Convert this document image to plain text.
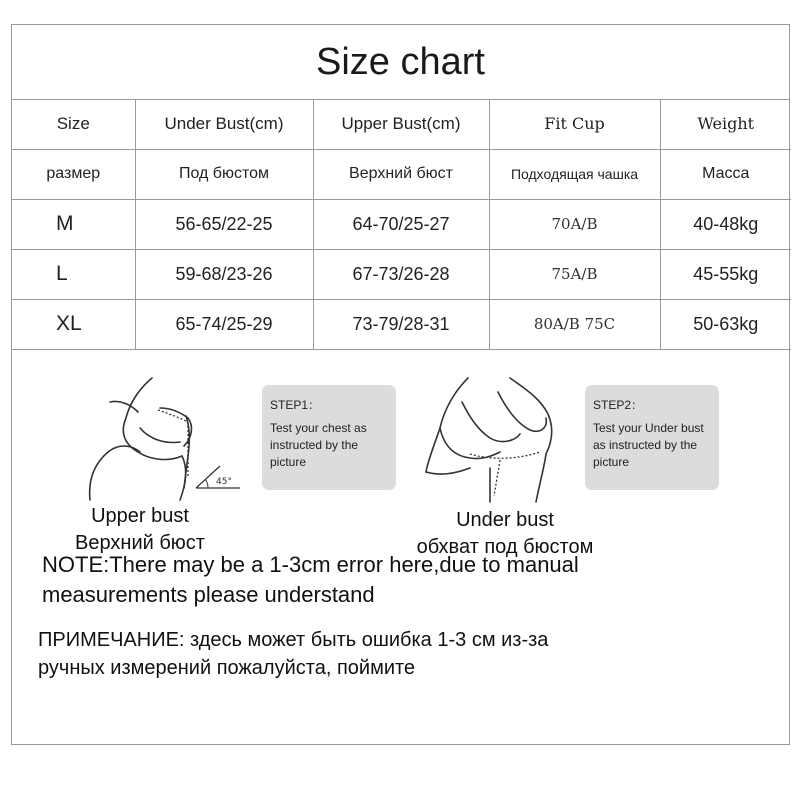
Size chart
Size	Under Bust(cm)	Upper Bust(cm)	Fit Cup	Weight
размер	Под бюстом	Верхний бюст	Подходящая чашка	Масса
M	56-65/22-25	64-70/25-27	70A/B	40-48kg
L	59-68/23-26	67-73/26-28	75A/B	45-55kg
XL	65-74/25-29	73-79/28-31	80A/B 75C	50-63kg
45°
STEP1：
Test your chest as instructed by the picture
Upper bust
Верхний бюст
STEP2：
Test your Under bust as instructed by the picture
Under bust
обхват под бюстом
NOTE:There may be a 1-3cm error here,due to manual measurements please understand
ПРИМЕЧАНИЕ: здесь может быть ошибка 1-3 см из-за ручных измерений пожалуйста, поймите
